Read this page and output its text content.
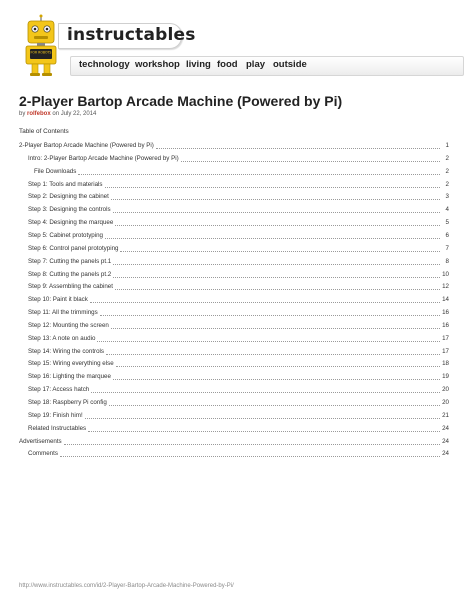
FOR ROBOTS
instructables
technology workshop living food play outside
2-Player Bartop Arcade Machine (Powered by Pi)
by rolfebox on July 22, 2014
Table of Contents
2-Player Bartop Arcade Machine (Powered by Pi)	1
Intro: 2-Player Bartop Arcade Machine (Powered by Pi)	2
File Downloads	2
Step 1: Tools and materials	2
Step 2: Designing the cabinet	3
Step 3: Designing the controls	4
Step 4: Designing the marquee	5
Step 5: Cabinet prototyping	6
Step 6: Control panel prototyping	7
Step 7: Cutting the panels pt.1	8
Step 8: Cutting the panels pt.2	10
Step 9: Assembling the cabinet	12
Step 10: Paint it black	14
Step 11: All the trimmings	16
Step 12: Mounting the screen	16
Step 13: A note on audio	17
Step 14: Wiring the controls	17
Step 15: Wiring everything else	18
Step 16: Lighting the marquee	19
Step 17: Access hatch	20
Step 18: Raspberry Pi config	20
Step 19: Finish him!	21
Related Instructables	24
Advertisements	24
Comments	24
http://www.instructables.com/id/2-Player-Bartop-Arcade-Machine-Powered-by-Pi/
